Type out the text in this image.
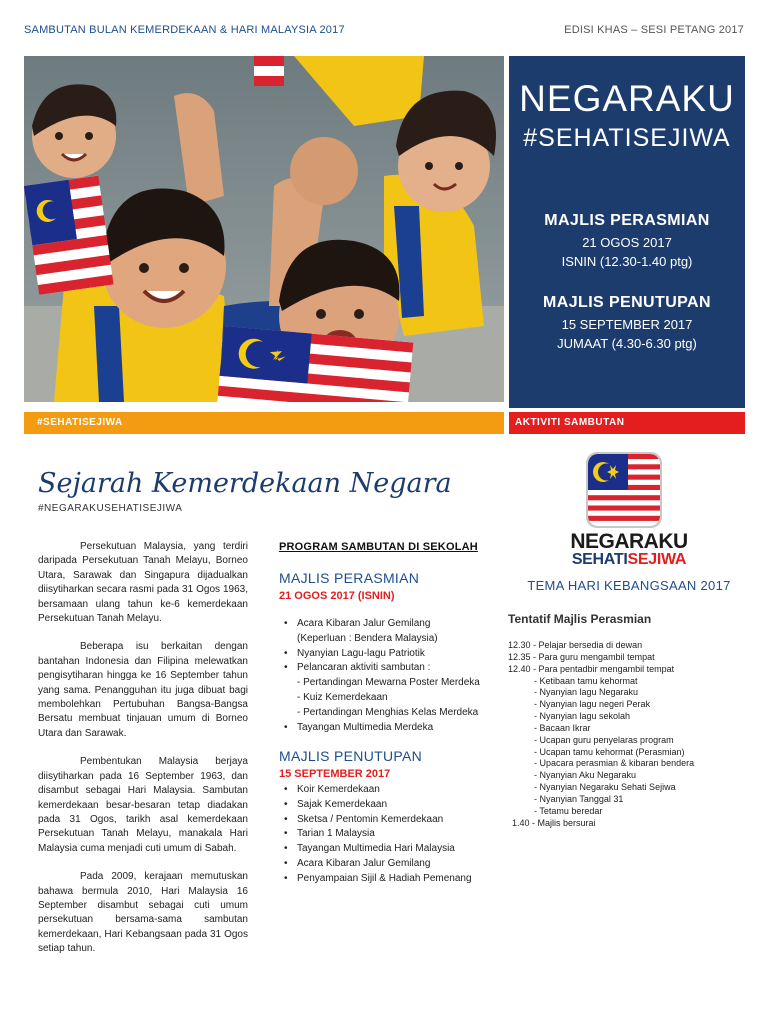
SAMBUTAN BULAN KEMERDEKAAN & HARI MALAYSIA 2017	EDISI KHAS – SESI PETANG 2017
NEGARAKU
#SEHATISEJIWA
MAJLIS PERASMIAN
21 OGOS 2017
ISNIN (12.30-1.40 ptg)
MAJLIS PENUTUPAN
15 SEPTEMBER 2017
JUMAAT (4.30-6.30 ptg)
#SEHATISEJIWA	AKTIVITI SAMBUTAN
Sejarah Kemerdekaan Negara
#NEGARAKUSEHATISEJIWA

Persekutuan Malaysia, yang terdiri daripada Persekutuan Tanah Melayu, Borneo Utara, Sarawak dan Singapura dijadualkan diisytiharkan secara rasmi pada 31 Ogos 1963, bersamaan ulang tahun ke-6 kemerdekaan Persekutuan Tanah Melayu.

Beberapa isu berkaitan dengan bantahan Indonesia dan Filipina melewatkan pengisytiharan hingga ke 16 September tahun yang sama. Penangguhan itu juga dibuat bagi membolehkan Pertubuhan Bangsa-Bangsa Bersatu membuat tinjauan umum di Borneo Utara dan Sarawak.

Pembentukan Malaysia berjaya diisytiharkan pada 16 September 1963, dan disambut sebagai Hari Malaysia. Sambutan kemerdekaan besar-besaran tetap diadakan pada 31 Ogos, tarikh asal kemerdekaan Persekutuan Tanah Melayu, manakala Hari Malaysia cuma menjadi cuti umum di Sabah.

Pada 2009, kerajaan memutuskan bahawa bermula 2010, Hari Malaysia 16 September disambut sebagai cuti umum persekutuan bersama-sama sambutan kemerdekaan, Hari Kebangsaan pada 31 Ogos setiap tahun.

PROGRAM SAMBUTAN DI SEKOLAH
MAJLIS PERASMIAN
21 OGOS 2017 (ISNIN)
• Acara Kibaran Jalur Gemilang
(Keperluan : Bendera Malaysia)
• Nyanyian Lagu-lagu Patriotik
• Pelancaran aktiviti sambutan :
- Pertandingan Mewarna Poster Merdeka
- Kuiz Kemerdekaan
- Pertandingan Menghias Kelas Merdeka
• Tayangan Multimedia Merdeka
MAJLIS PENUTUPAN
15 SEPTEMBER 2017
• Koir Kemerdekaan
• Sajak Kemerdekaan
• Sketsa / Pentomin Kemerdekaan
• Tarian 1 Malaysia
• Tayangan Multimedia Hari Malaysia
• Acara Kibaran Jalur Gemilang
• Penyampaian Sijil & Hadiah Pemenang
NEGARAKU
SEHATISEJIWA
TEMA HARI KEBANGSAAN 2017
Tentatif Majlis Perasmian
12.30 - Pelajar bersedia di dewan
12.35 - Para guru mengambil tempat
12.40 - Para pentadbir mengambil tempat
- Ketibaan tamu kehormat
- Nyanyian lagu Negaraku
- Nyanyian lagu negeri Perak
- Nyanyian lagu sekolah
- Bacaan Ikrar
- Ucapan guru penyelaras program
- Ucapan tamu kehormat (Perasmian)
- Upacara perasmian & kibaran bendera
- Nyanyian Aku Negaraku
- Nyanyian Negaraku Sehati Sejiwa
- Nyanyian Tanggal 31
- Tetamu beredar
1.40 - Majlis bersurai
